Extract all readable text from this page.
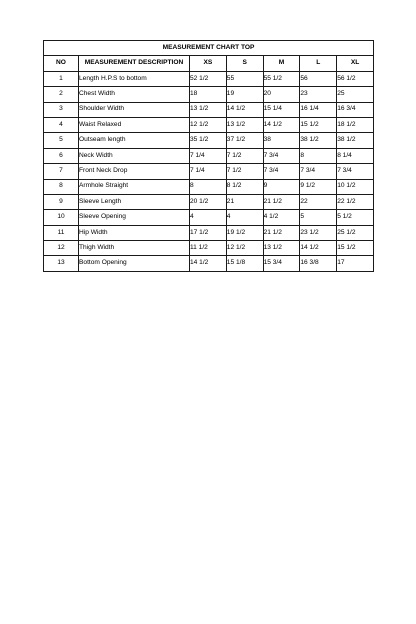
MEASUREMENT CHART TOP						
NO	MEASUREMENT DESCRIPTION	XS	S	M	L	XL
1	Length H.P.S to bottom	52 1/2	55	55 1/2	56	56 1/2
2	Chest Width	18	19	20	23	25
3	Shoulder Width	13 1/2	14 1/2	15 1/4	16 1/4	16 3/4
4	Waist Relaxed	12 1/2	13 1/2	14 1/2	15 1/2	18 1/2
5	Outseam length	35 1/2	37 1/2	38	38 1/2	38 1/2
6	Neck Width	7 1/4	7 1/2	7 3/4	8	8 1/4
7	Front Neck Drop	7 1/4	7 1/2	7 3/4	7 3/4	7 3/4
8	Armhole Straight	8	8 1/2	9	9 1/2	10 1/2
9	Sleeve Length	20 1/2	21	21 1/2	22	22 1/2
10	Sleeve Opening	4	4	4 1/2	5	5 1/2
11	Hip Width	17 1/2	19 1/2	21 1/2	23 1/2	25 1/2
12	Thigh Width	11 1/2	12 1/2	13 1/2	14 1/2	15 1/2
13	Bottom Opening	14 1/2	15 1/8	15 3/4	16 3/8	17
